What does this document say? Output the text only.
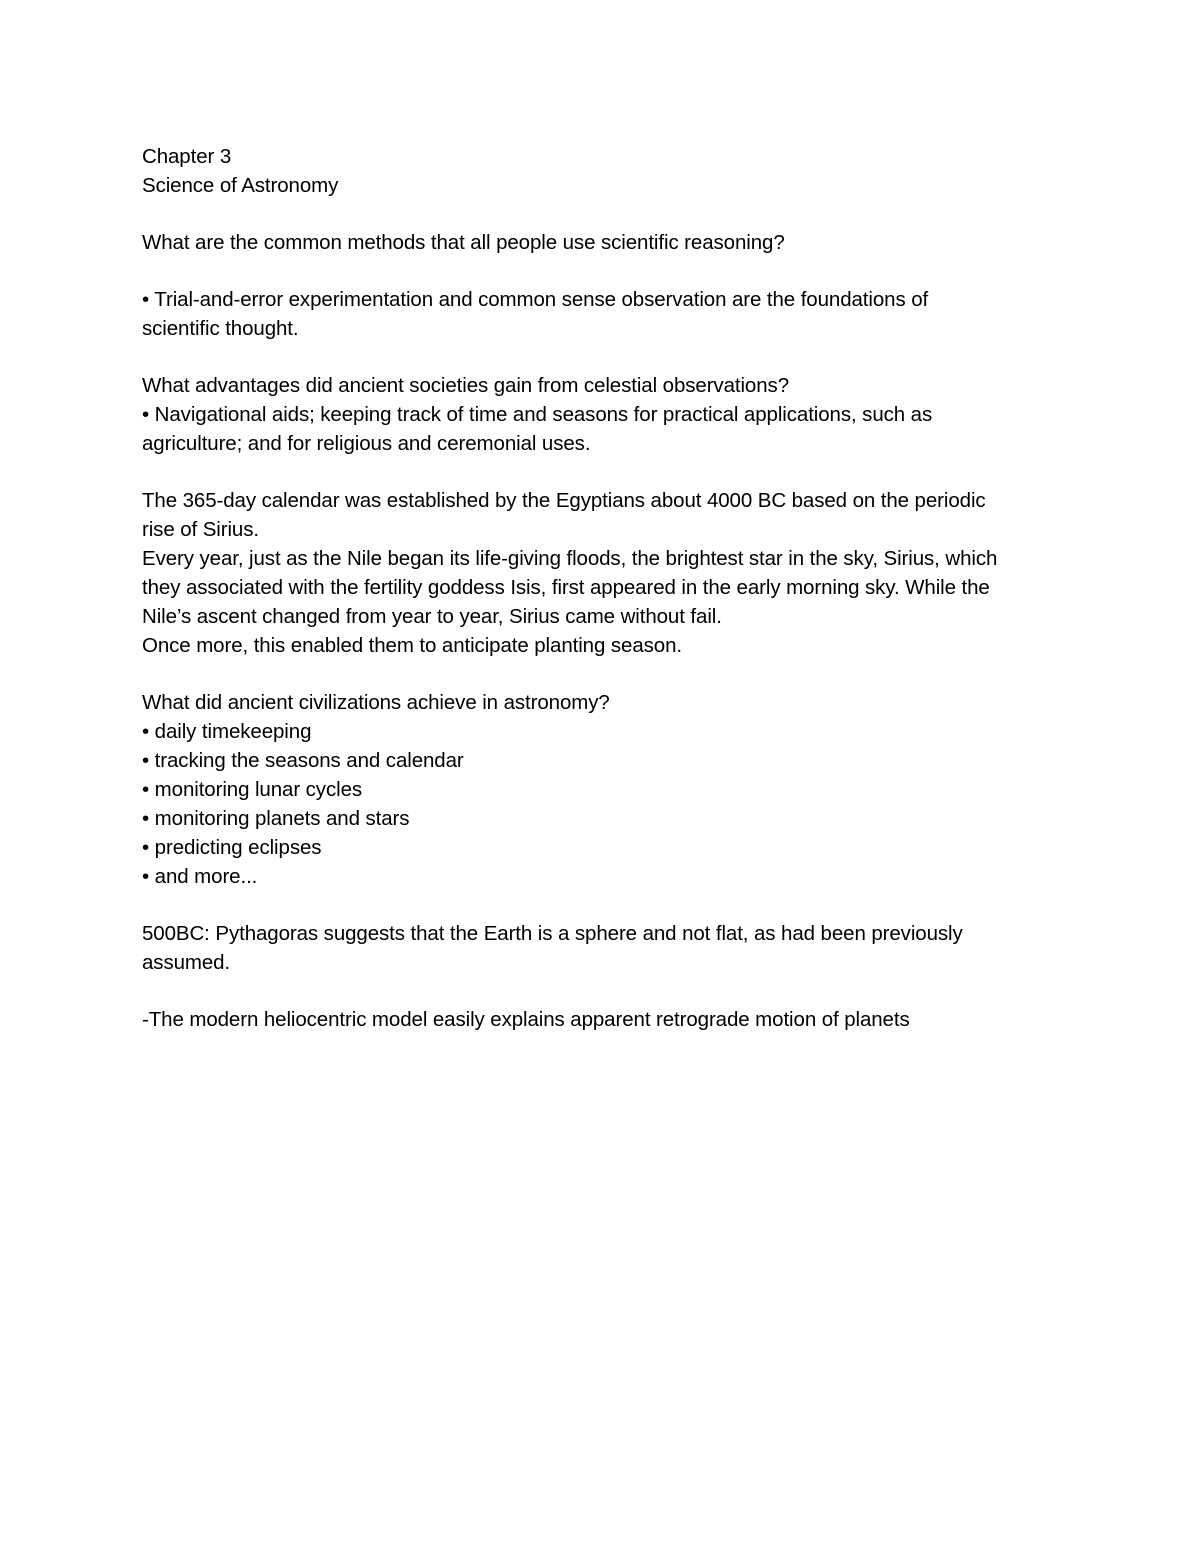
Chapter 3
Science of Astronomy
What are the common methods that all people use scientific reasoning?
• Trial-and-error experimentation and common sense observation are the foundations of
scientific thought.
What advantages did ancient societies gain from celestial observations?
• Navigational aids; keeping track of time and seasons for practical applications, such as
agriculture; and for religious and ceremonial uses.
The 365-day calendar was established by the Egyptians about 4000 BC based on the periodic
rise of Sirius.
Every year, just as the Nile began its life-giving floods, the brightest star in the sky, Sirius, which
they associated with the fertility goddess Isis, first appeared in the early morning sky. While the
Nile’s ascent changed from year to year, Sirius came without fail.
Once more, this enabled them to anticipate planting season.
What did ancient civilizations achieve in astronomy?
• daily timekeeping
• tracking the seasons and calendar
• monitoring lunar cycles
• monitoring planets and stars
• predicting eclipses
• and more...
500BC: Pythagoras suggests that the Earth is a sphere and not flat, as had been previously
assumed.
-The modern heliocentric model easily explains apparent retrograde motion of planets
